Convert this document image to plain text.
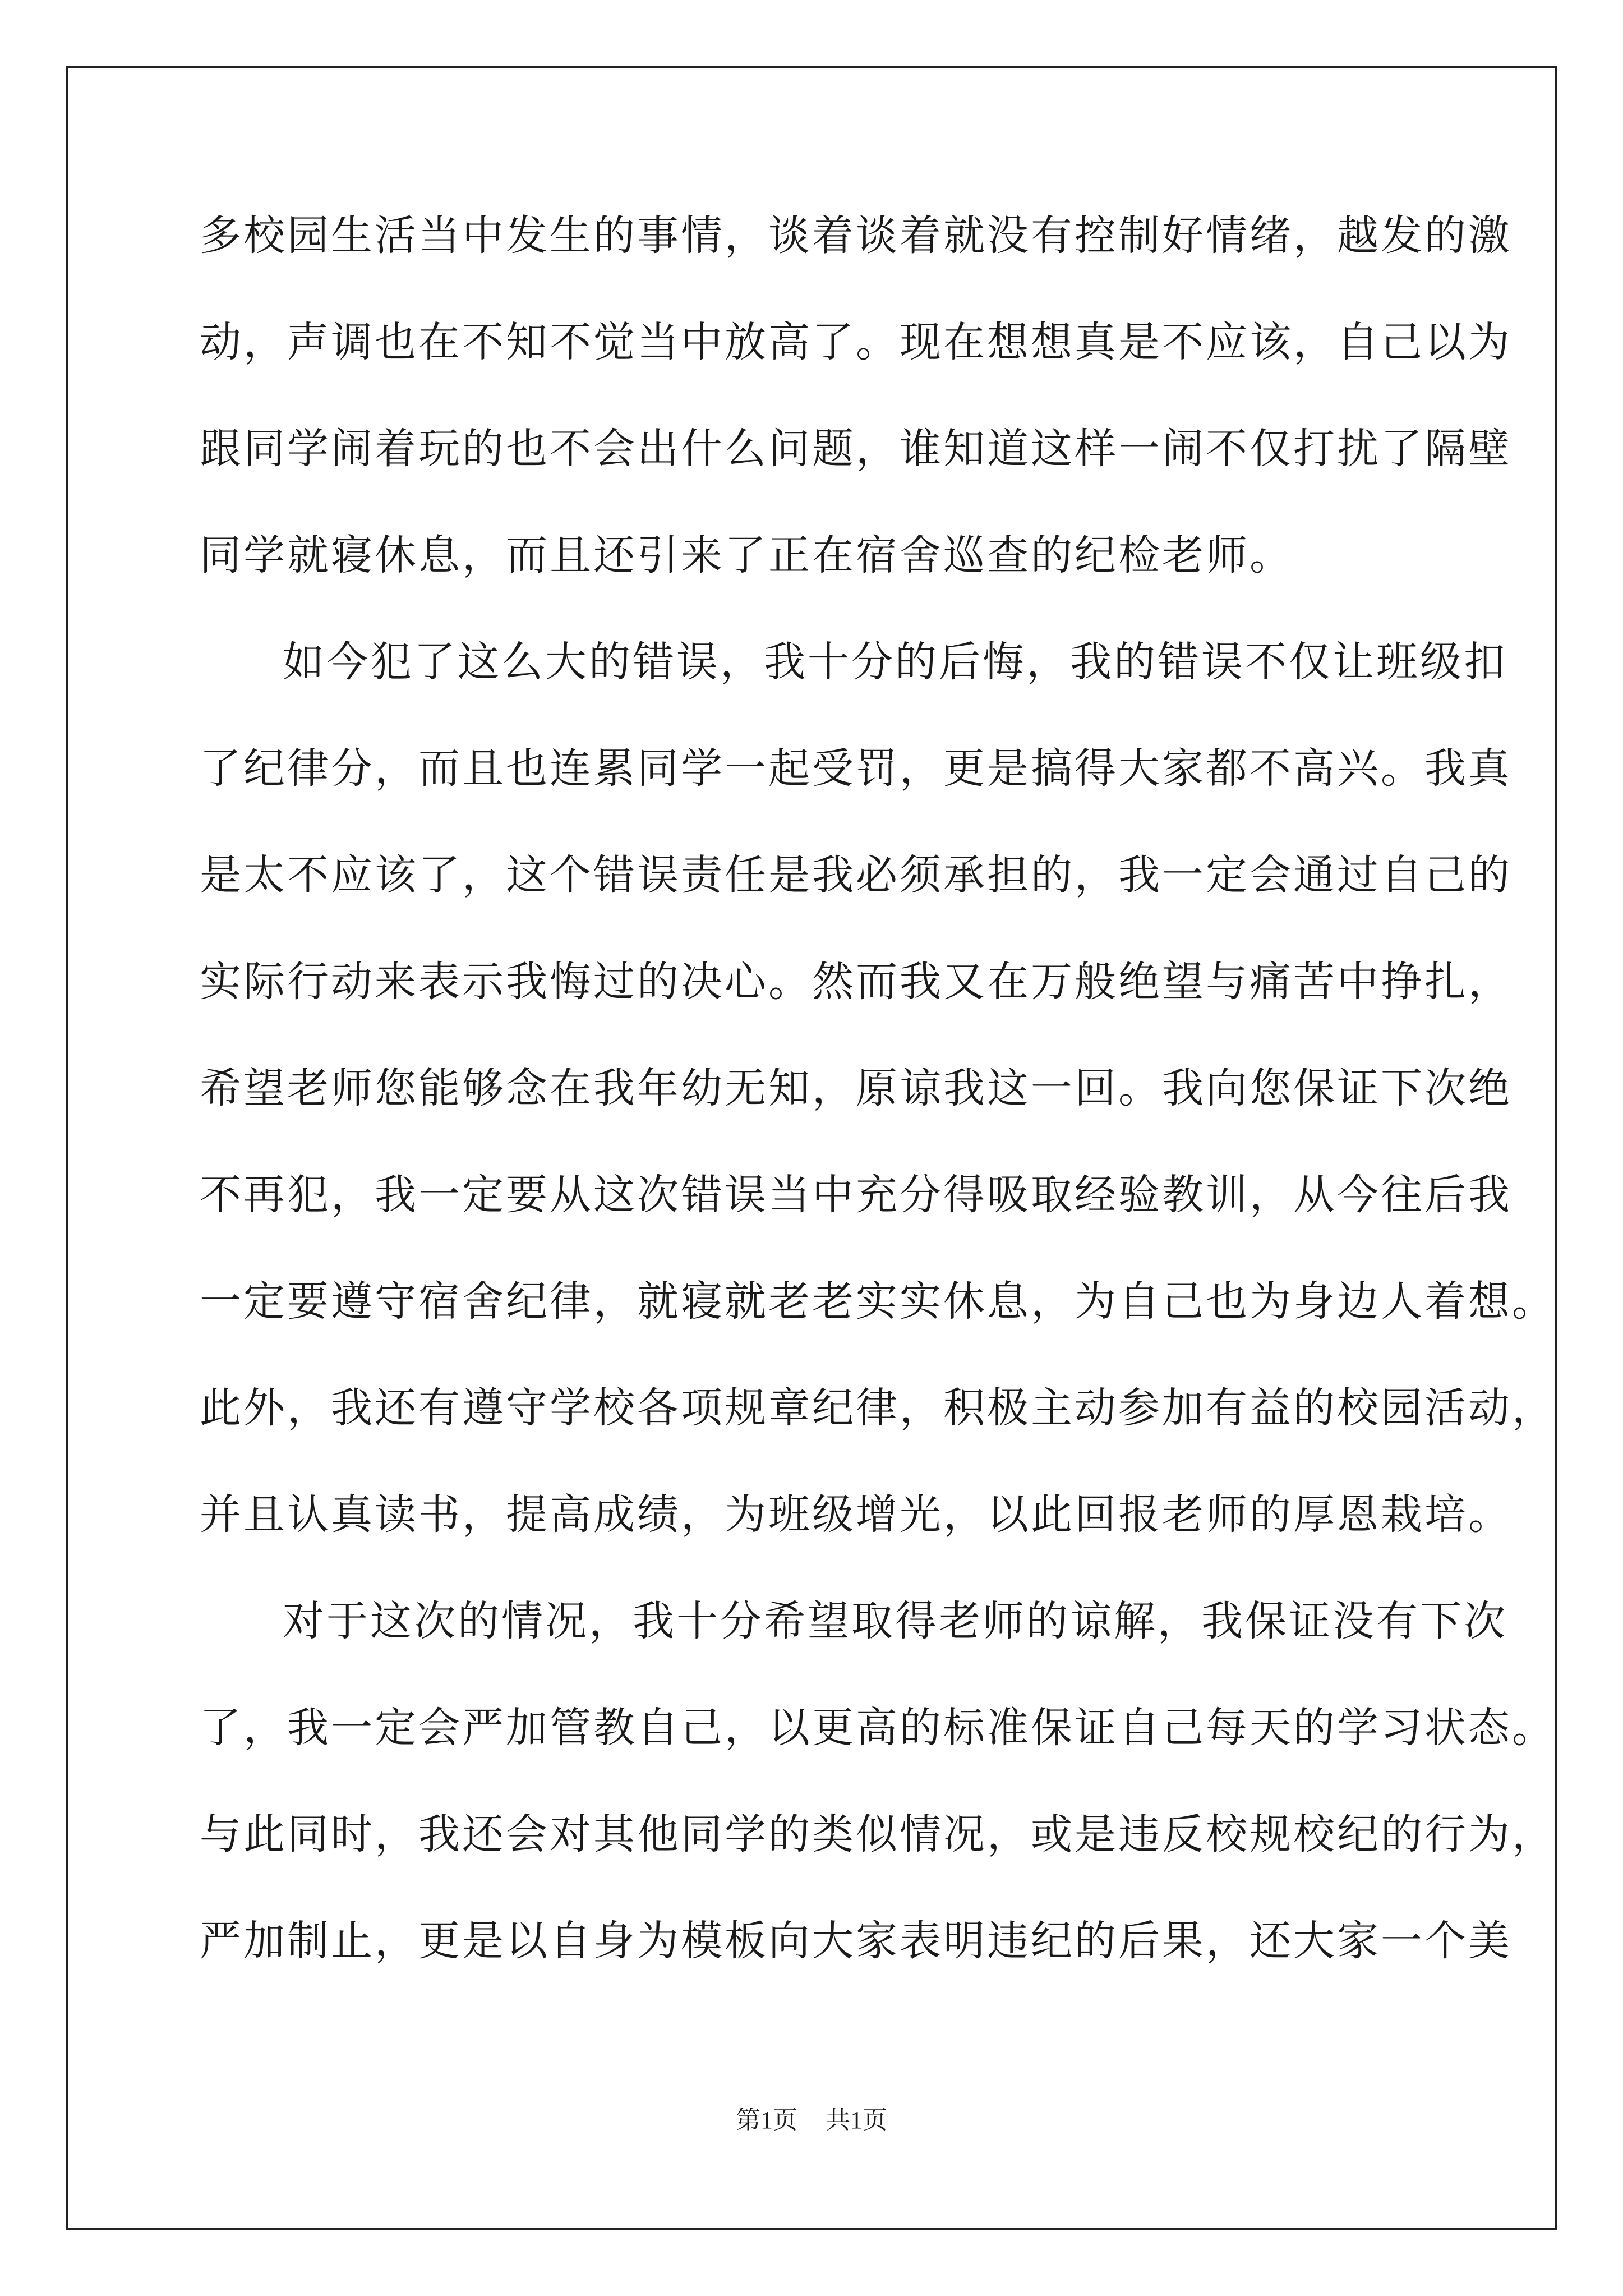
多校园生活当中发生的事情，谈着谈着就没有控制好情绪，越发的激
动，声调也在不知不觉当中放高了。现在想想真是不应该，自己以为
跟同学闹着玩的也不会出什么问题，谁知道这样一闹不仅打扰了隔壁
同学就寝休息，而且还引来了正在宿舍巡查的纪检老师。
如今犯了这么大的错误，我十分的后悔，我的错误不仅让班级扣
了纪律分，而且也连累同学一起受罚，更是搞得大家都不高兴。我真
是太不应该了，这个错误责任是我必须承担的，我一定会通过自己的
实际行动来表示我悔过的决心。然而我又在万般绝望与痛苦中挣扎，
希望老师您能够念在我年幼无知，原谅我这一回。我向您保证下次绝
不再犯，我一定要从这次错误当中充分得吸取经验教训，从今往后我
一定要遵守宿舍纪律，就寝就老老实实休息，为自己也为身边人着想。
此外，我还有遵守学校各项规章纪律，积极主动参加有益的校园活动，
并且认真读书，提高成绩，为班级增光，以此回报老师的厚恩栽培。
对于这次的情况，我十分希望取得老师的谅解，我保证没有下次
了，我一定会严加管教自己，以更高的标准保证自己每天的学习状态。
与此同时，我还会对其他同学的类似情况，或是违反校规校纪的行为，
严加制止，更是以自身为模板向大家表明违纪的后果，还大家一个美
第1页 共1页
